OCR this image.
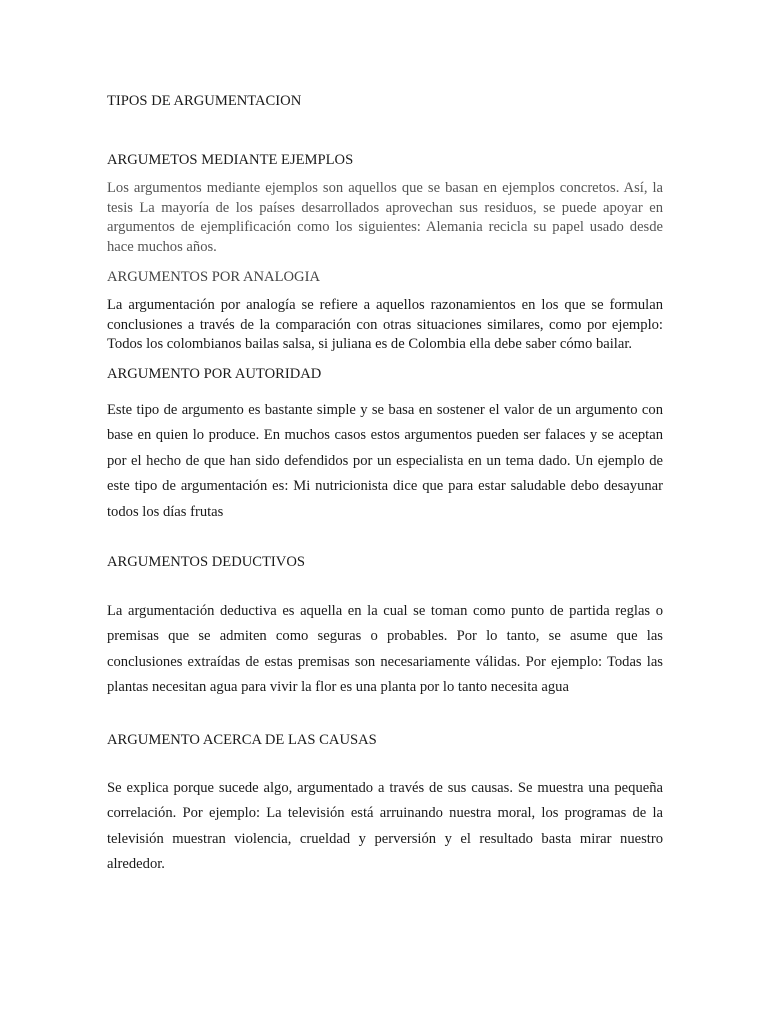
TIPOS DE ARGUMENTACION
ARGUMETOS MEDIANTE EJEMPLOS

Los argumentos mediante ejemplos son aquellos que se basan en ejemplos concretos. Así, la tesis La mayoría de los países desarrollados aprovechan sus residuos, se puede apoyar en argumentos de ejemplificación como los siguientes: Alemania recicla su papel usado desde hace muchos años.

ARGUMENTOS POR ANALOGIA

La argumentación por analogía se refiere a aquellos razonamientos en los que se formulan conclusiones a través de la comparación con otras situaciones similares, como por ejemplo: Todos los colombianos bailas salsa, si juliana es de Colombia ella debe saber cómo bailar.

ARGUMENTO POR AUTORIDAD

Este tipo de argumento es bastante simple y se basa en sostener el valor de un argumento con base en quien lo produce. En muchos casos estos argumentos pueden ser falaces y se aceptan por el hecho de que han sido defendidos por un especialista en un tema dado. Un ejemplo de este tipo de argumentación es: Mi nutricionista dice que para estar saludable debo desayunar todos los días frutas

ARGUMENTOS DEDUCTIVOS

La argumentación deductiva es aquella en la cual se toman como punto de partida reglas o premisas que se admiten como seguras o probables. Por lo tanto, se asume que las conclusiones extraídas de estas premisas son necesariamente válidas. Por ejemplo: Todas las plantas necesitan agua para vivir la flor es una planta por lo tanto necesita agua

ARGUMENTO ACERCA DE LAS CAUSAS

Se explica porque sucede algo, argumentado a través de sus causas. Se muestra una pequeña correlación. Por ejemplo: La televisión está arruinando nuestra moral, los programas de la televisión muestran violencia, crueldad y perversión y el resultado basta mirar nuestro alrededor.
